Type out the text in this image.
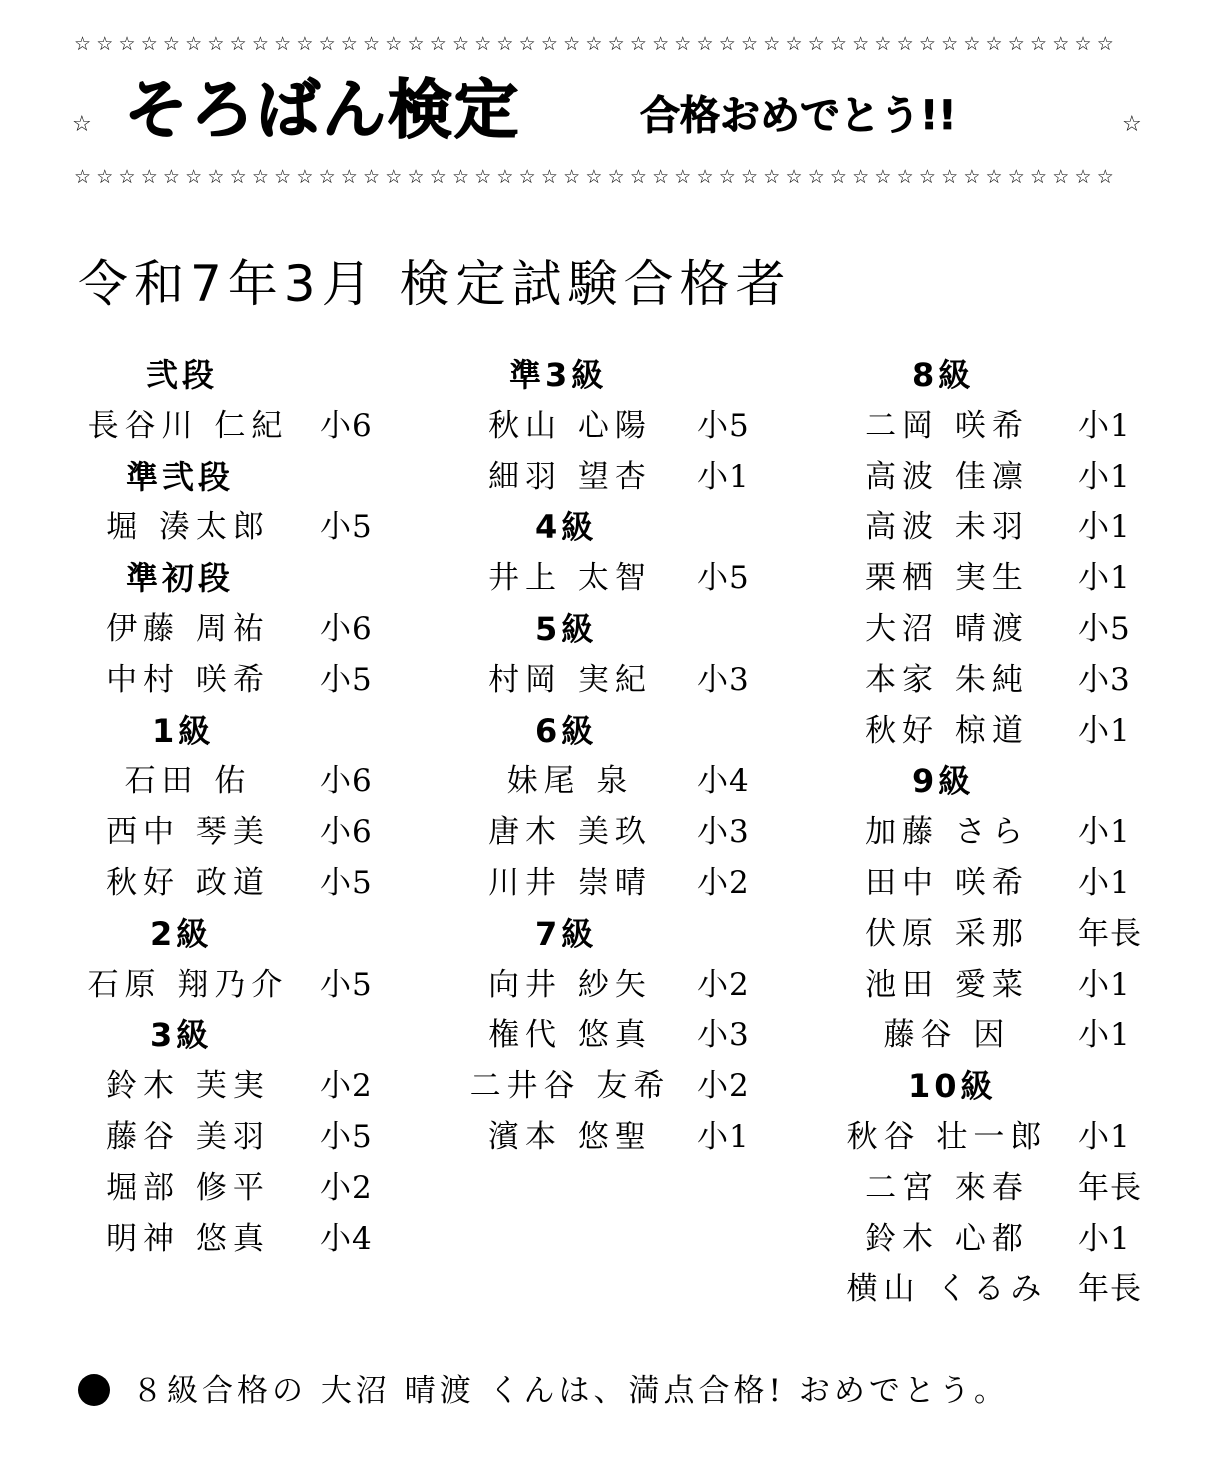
☆☆☆☆☆☆☆☆☆☆☆☆☆☆☆☆☆☆☆☆☆☆☆☆☆☆☆☆☆☆☆☆☆☆☆☆☆☆☆☆☆☆☆☆☆☆☆
☆ そろばん検定	合格おめでとう!!	☆
☆☆☆☆☆☆☆☆☆☆☆☆☆☆☆☆☆☆☆☆☆☆☆☆☆☆☆☆☆☆☆☆☆☆☆☆☆☆☆☆☆☆☆☆☆☆☆
令和7年3月 検定試験合格者
弐段
長谷川 仁紀 小6
準弐段
堀 湊太郎 小5
準初段
伊藤 周祐 小6
中村 咲希 小5
1級
石田 佑 小6
西中 琴美 小6
秋好 政道 小5
2級
石原 翔乃介 小5
3級
鈴木 芙実 小2
藤谷 美羽 小5
堀部 修平 小2
明神 悠真 小4
準3級
秋山 心陽 小5
細羽 望杏 小1
4級
井上 太智 小5
5級
村岡 実紀 小3
6級
妹尾 泉 小4
唐木 美玖 小3
川井 崇晴 小2
7級
向井 紗矢 小2
権代 悠真 小3
二井谷 友希 小2
濱本 悠聖 小1
8級
二岡 咲希 小1
高波 佳凛 小1
高波 未羽 小1
栗栖 実生 小1
大沼 晴渡 小5
本家 朱純 小3
秋好 椋道 小1
9級
加藤 さら 小1
田中 咲希 小1
伏原 采那 年長
池田 愛菜 小1
藤谷 因 小1
10級
秋谷 壮一郎 小1
二宮 來春 年長
鈴木 心都 小1
横山 くるみ 年長
８級合格の 大沼 晴渡 くんは、満点合格! おめでとう。
